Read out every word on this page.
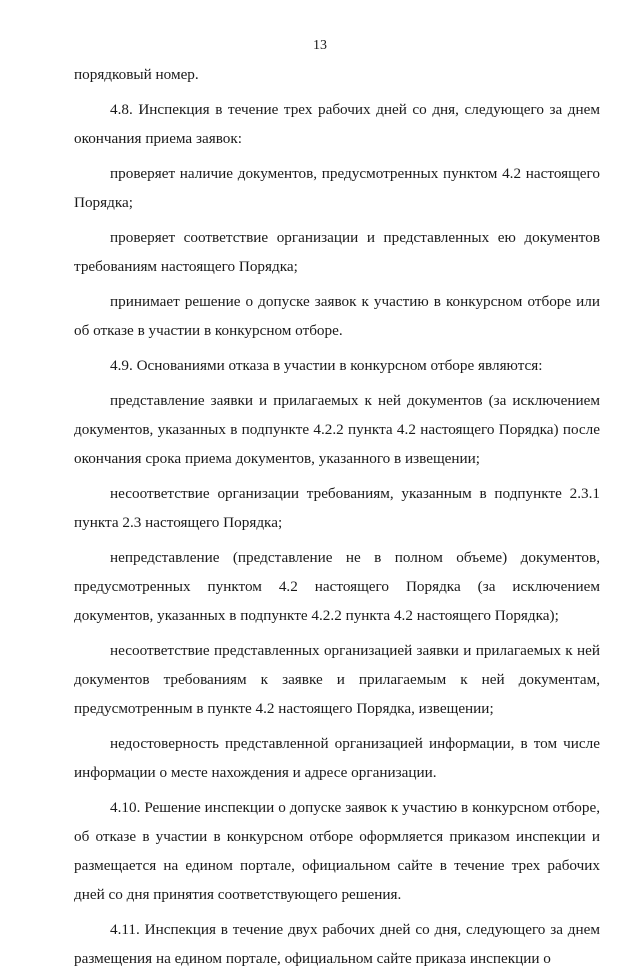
13

порядковый номер.

4.8. Инспекция в течение трех рабочих дней со дня, следующего за днем окончания приема заявок:

проверяет наличие документов, предусмотренных пунктом 4.2 настоящего Порядка;

проверяет соответствие организации и представленных ею документов требованиям настоящего Порядка;

принимает решение о допуске заявок к участию в конкурсном отборе или об отказе в участии в конкурсном отборе.

4.9. Основаниями отказа в участии в конкурсном отборе являются:

представление заявки и прилагаемых к ней документов (за исключением документов, указанных в подпункте 4.2.2 пункта 4.2 настоящего Порядка) после окончания срока приема документов, указанного в извещении;

несоответствие организации требованиям, указанным в подпункте 2.3.1 пункта 2.3 настоящего Порядка;

непредставление (представление не в полном объеме) документов, предусмотренных пунктом 4.2 настоящего Порядка (за исключением документов, указанных в подпункте 4.2.2 пункта 4.2 настоящего Порядка);

несоответствие представленных организацией заявки и прилагаемых к ней документов требованиям к заявке и прилагаемым к ней документам, предусмотренным в пункте 4.2 настоящего Порядка, извещении;

недостоверность представленной организацией информации, в том числе информации о месте нахождения и адресе организации.

4.10. Решение инспекции о допуске заявок к участию в конкурсном отборе, об отказе в участии в конкурсном отборе оформляется приказом инспекции и размещается на едином портале, официальном сайте в течение трех рабочих дней со дня принятия соответствующего решения.

4.11. Инспекция в течение двух рабочих дней со дня, следующего за днем размещения на едином портале, официальном сайте приказа инспекции о
